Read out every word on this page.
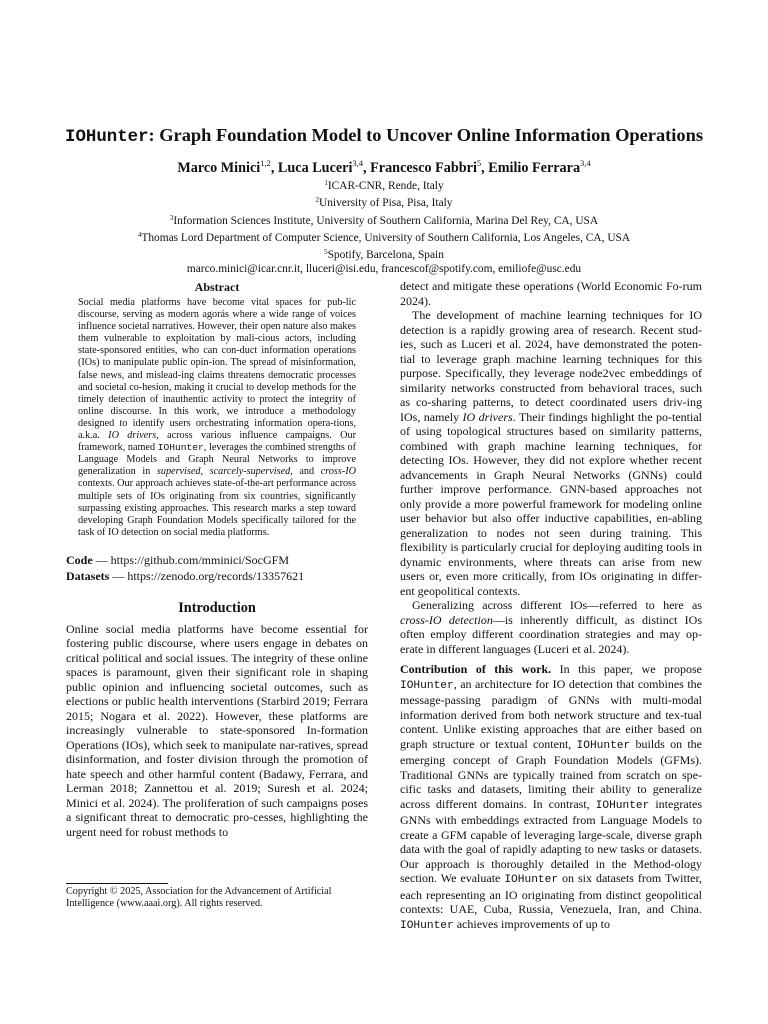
IOHunter: Graph Foundation Model to Uncover Online Information Operations
Marco Minici$^{1,2}$, Luca Luceri$^{3,4}$, Francesco Fabbri$^5$, Emilio Ferrara$^{3,4}$
$^1$ICAR-CNR, Rende, Italy
$^2$University of Pisa, Pisa, Italy
$^3$Information Sciences Institute, University of Southern California, Marina Del Rey, CA, USA
$^4$Thomas Lord Department of Computer Science, University of Southern California, Los Angeles, CA, USA
$^5$Spotify, Barcelona, Spain
marco.minici@icar.cnr.it, lluceri@isi.edu, francescof@spotify.com, emiliofe@usc.edu
Abstract

Social media platforms have become vital spaces for pub-lic discourse, serving as modern agorás where a wide range of voices influence societal narratives. However, their open nature also makes them vulnerable to exploitation by mali-cious actors, including state-sponsored entities, who can con-duct information operations (IOs) to manipulate public opin-ion. The spread of misinformation, false news, and mislead-ing claims threatens democratic processes and societal co-hesion, making it crucial to develop methods for the timely detection of inauthentic activity to protect the integrity of online discourse. In this work, we introduce a methodology designed to identify users orchestrating information opera-tions, a.k.a. IO drivers, across various influence campaigns. Our framework, named IOHunter, leverages the combined strengths of Language Models and Graph Neural Networks to improve generalization in supervised, scarcely-supervised, and cross-IO contexts. Our approach achieves state-of-the-art performance across multiple sets of IOs originating from six countries, significantly surpassing existing approaches. This research marks a step toward developing Graph Foundation Models specifically tailored for the task of IO detection on social media platforms.

Code — https://github.com/mminici/SocGFM
Datasets — https://zenodo.org/records/13357621
Introduction

Online social media platforms have become essential for fostering public discourse, where users engage in debates on critical political and social issues. The integrity of these online spaces is paramount, given their significant role in shaping public opinion and influencing societal outcomes, such as elections or public health interventions (Starbird 2019; Ferrara 2015; Nogara et al. 2022). However, these platforms are increasingly vulnerable to state-sponsored In-formation Operations (IOs), which seek to manipulate nar-ratives, spread disinformation, and foster division through the promotion of hate speech and other harmful content (Badawy, Ferrara, and Lerman 2018; Zannettou et al. 2019; Suresh et al. 2024; Minici et al. 2024). The proliferation of such campaigns poses a significant threat to democratic pro-cesses, highlighting the urgent need for robust methods to

Copyright © 2025, Association for the Advancement of Artificial Intelligence (www.aaai.org). All rights reserved.

detect and mitigate these operations (World Economic Fo-rum 2024).

The development of machine learning techniques for IO detection is a rapidly growing area of research. Recent stud-ies, such as Luceri et al. 2024, have demonstrated the poten-tial to leverage graph machine learning techniques for this purpose. Specifically, they leverage node2vec embeddings of similarity networks constructed from behavioral traces, such as co-sharing patterns, to detect coordinated users driv-ing IOs, namely IO drivers. Their findings highlight the po-tential of using topological structures based on similarity patterns, combined with graph machine learning techniques, for detecting IOs. However, they did not explore whether recent advancements in Graph Neural Networks (GNNs) could further improve performance. GNN-based approaches not only provide a more powerful framework for modeling online user behavior but also offer inductive capabilities, en-abling generalization to nodes not seen during training. This flexibility is particularly crucial for deploying auditing tools in dynamic environments, where threats can arise from new users or, even more critically, from IOs originating in differ-ent geopolitical contexts.

Generalizing across different IOs—referred to here as cross-IO detection—is inherently difficult, as distinct IOs often employ different coordination strategies and may op-erate in different languages (Luceri et al. 2024).

Contribution of this work. In this paper, we propose IOHunter, an architecture for IO detection that combines the message-passing paradigm of GNNs with multi-modal information derived from both network structure and tex-tual content. Unlike existing approaches that are either based on graph structure or textual content, IOHunter builds on the emerging concept of Graph Foundation Models (GFMs). Traditional GNNs are typically trained from scratch on spe-cific tasks and datasets, limiting their ability to generalize across different domains. In contrast, IOHunter integrates GNNs with embeddings extracted from Language Models to create a GFM capable of leveraging large-scale, diverse graph data with the goal of rapidly adapting to new tasks or datasets. Our approach is thoroughly detailed in the Method-ology section. We evaluate IOHunter on six datasets from Twitter, each representing an IO originating from distinct geopolitical contexts: UAE, Cuba, Russia, Venezuela, Iran, and China. IOHunter achieves improvements of up to
